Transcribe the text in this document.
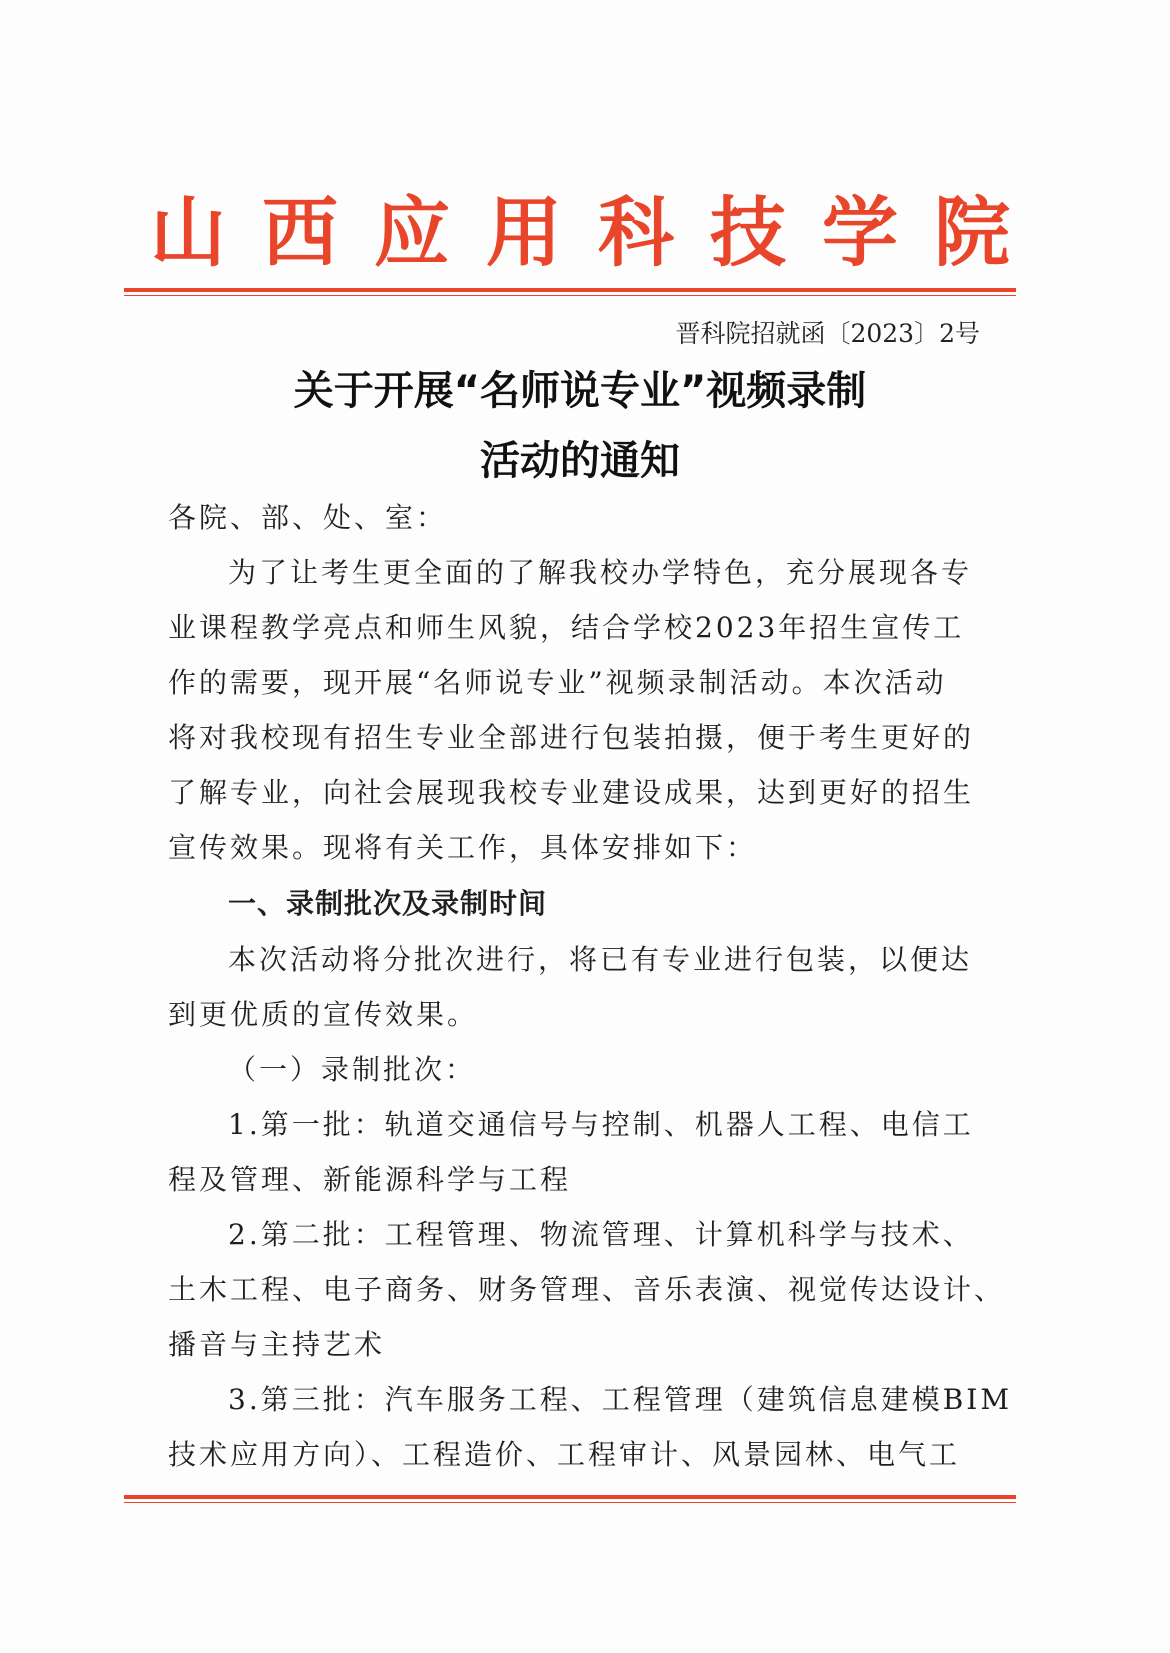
山西应用科技学院
晋科院招就函〔2023〕2号
关于开展“名师说专业”视频录制
活动的通知
各院、部、处、室：
为了让考生更全面的了解我校办学特色，充分展现各专
业课程教学亮点和师生风貌，结合学校2023年招生宣传工
作的需要，现开展“名师说专业”视频录制活动。本次活动
将对我校现有招生专业全部进行包装拍摄，便于考生更好的
了解专业，向社会展现我校专业建设成果，达到更好的招生
宣传效果。现将有关工作，具体安排如下：
一、录制批次及录制时间
本次活动将分批次进行，将已有专业进行包装，以便达
到更优质的宣传效果。
（一）录制批次：
1.第一批：轨道交通信号与控制、机器人工程、电信工
程及管理、新能源科学与工程
2.第二批：工程管理、物流管理、计算机科学与技术、
土木工程、电子商务、财务管理、音乐表演、视觉传达设计、
播音与主持艺术
3.第三批：汽车服务工程、工程管理（建筑信息建模BIM
技术应用方向）、工程造价、工程审计、风景园林、电气工
